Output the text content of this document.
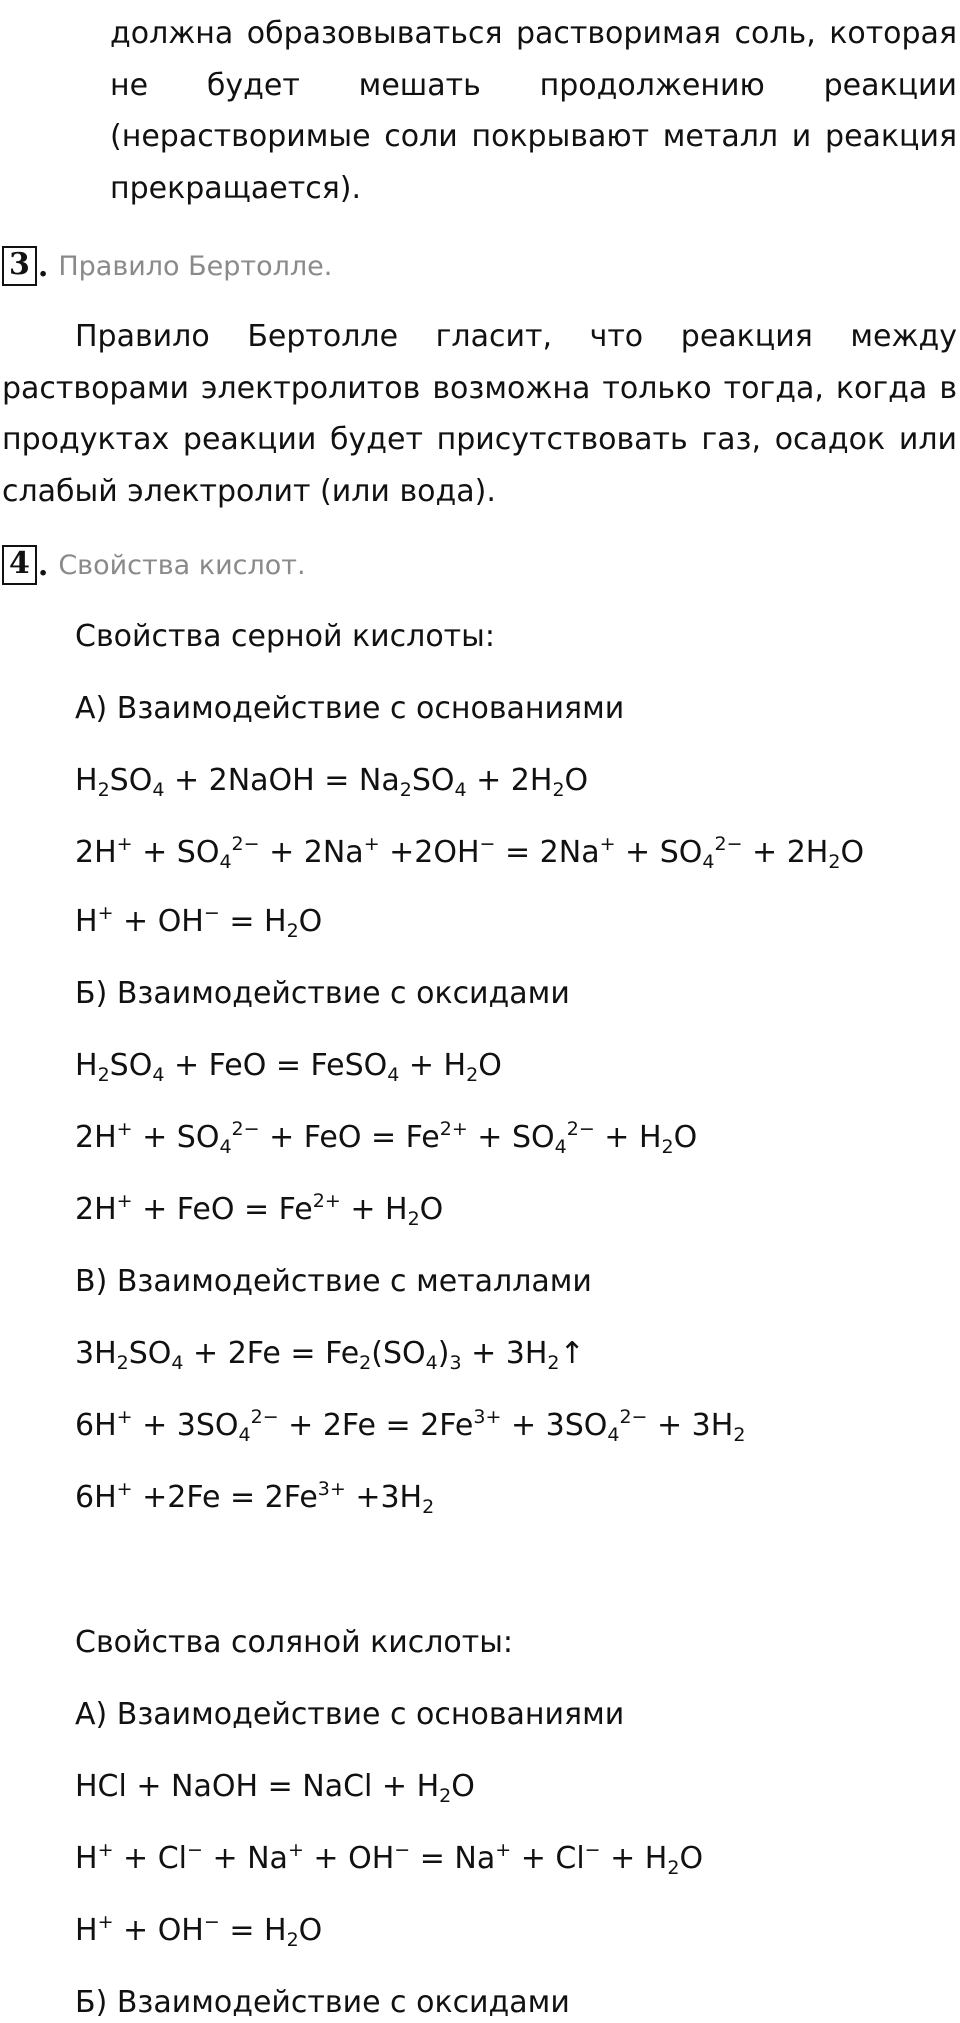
должна образовываться растворимая соль, которая
не будет мешать продолжению реакции
(нерастворимые соли покрывают металл и реакция
прекращается).
3 . Правило Бертолле.
Правило Бертолле гласит, что реакция между
растворами электролитов возможна только тогда, когда в
продуктах реакции будет присутствовать газ, осадок или
слабый электролит (или вода).
4 . Свойства кислот.
Свойства серной кислоты:
А) Взаимодействие с основаниями
$H_2SO_4$ + 2NaOH = $Na_2SO_4 + 2H_2O$
$2H^+ + SO_4^{2-} + 2Na^+ +2OH^- = 2Na^+ + SO_4^{2-} + 2H_2O$
$H^+ + OH^- = H_2O$
Б) Взаимодействие с оксидами
$H_2SO_4$ + FeO = FeSO$_4$ + $H_2O$
$2H^+ + SO_4^{2-}$ + FeO = $Fe^{2+} + SO_4^{2-} + H_2O$
2H+ + FeO = $Fe^{2+} + H_2O$
В) Взаимодействие с металлами
$3H_2SO_4 + 2Fe = Fe_2(SO_4)_3$ + $3H_2↑$
$6H^+ + 3SO_4^{2-} + 2Fe = 2Fe^{3+} + 3SO_4^{2-} + 3H_2$
$6H^+ +2Fe = 2Fe^{3+} +3H_2$
Свойства соляной кислоты:
А) Взаимодействие с основаниями
HCl + NaOH = NaCl + $H_2O$
$H^+ + Cl^- + Na^+ + OH^- = Na^+ + Cl^- + H_2O$
$H^+ + OH^- = H_2O$
Б) Взаимодействие с оксидами
